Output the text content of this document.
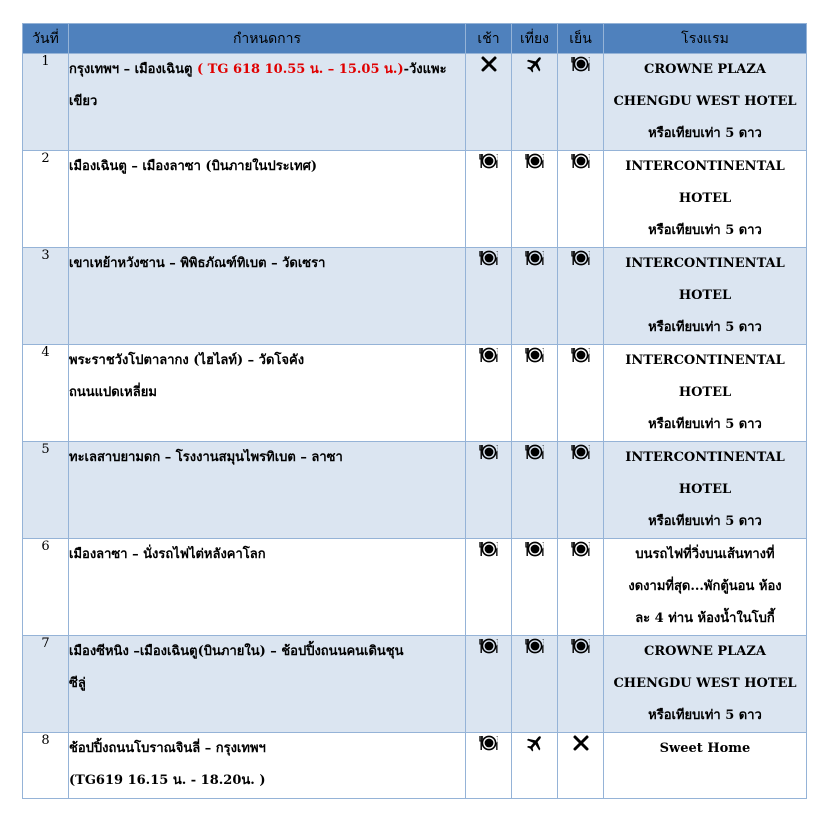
วันที่	กำหนดการ	เช้า	เที่ยง	เย็น	โรงแรม
1	กรุงเทพฯ – เมืองเฉินตู ( TG 618 10.55 น. – 15.05 น.)-วังแพะเขียว				CROWNE PLAZA
CHENGDU WEST HOTEL
หรือเทียบเท่า 5 ดาว

2	เมืองเฉินตู – เมืองลาซา (บินภายในประเทศ)				INTERCONTINENTAL
HOTEL
หรือเทียบเท่า 5 ดาว

3	เขาเหย้าหวังซาน – พิพิธภัณฑ์ทิเบต – วัดเซรา				INTERCONTINENTAL
HOTEL
หรือเทียบเท่า 5 ดาว

4	พระราชวังโปตาลากง (ไฮไลท์) – วัดโจคัง
ถนนแปดเหลี่ยม				INTERCONTINENTAL
HOTEL
หรือเทียบเท่า 5 ดาว

5	ทะเลสาบยามดก – โรงงานสมุนไพรทิเบต – ลาซา				INTERCONTINENTAL
HOTEL
หรือเทียบเท่า 5 ดาว

6	เมืองลาซา – นั่งรถไฟไต่หลังคาโลก				บนรถไฟที่วิ่งบนเส้นทางที่
งดงามที่สุด...พักตู้นอน ห้อง
ละ 4 ท่าน ห้องน้ำในโบกี้

7	เมืองซีหนิง –เมืองเฉินตู(บินภายใน) – ช้อปปิ้งถนนคนเดินชุน
ซีลู่				CROWNE PLAZA
CHENGDU WEST HOTEL
หรือเทียบเท่า 5 ดาว

8	ช้อปปิ้งถนนโบราณจินลี่ – กรุงเทพฯ
(TG619 16.15 น. - 18.20น. )				Sweet Home
